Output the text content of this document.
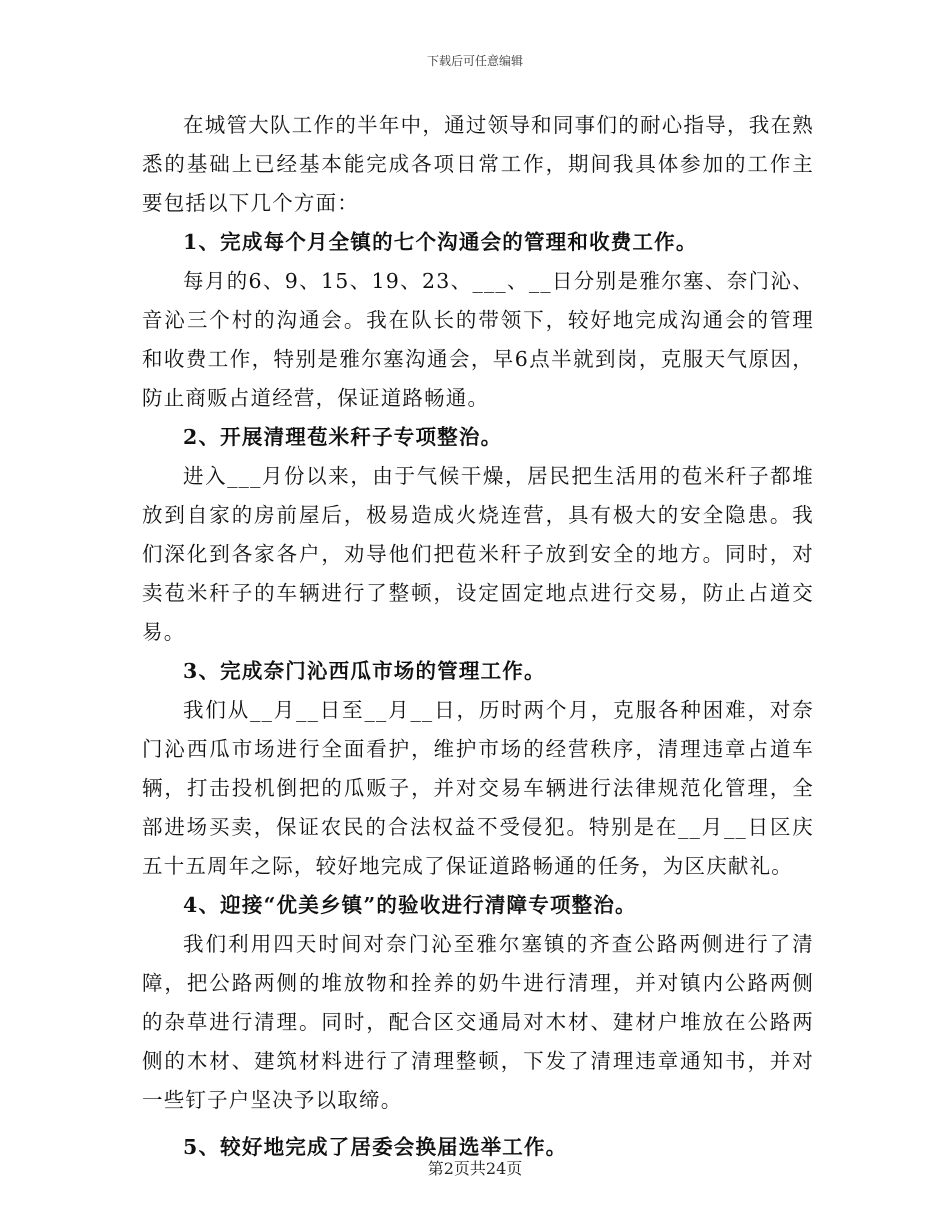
下载后可任意编辑

在城管大队工作的半年中，通过领导和同事们的耐心指导，我在熟悉的基础上已经基本能完成各项日常工作，期间我具体参加的工作主要包括以下几个方面：

1、完成每个月全镇的七个沟通会的管理和收费工作。

每月的6、9、15、19、23、___、__日分别是雅尔塞、奈门沁、音沁三个村的沟通会。我在队长的带领下，较好地完成沟通会的管理和收费工作，特别是雅尔塞沟通会，早6点半就到岗，克服天气原因，防止商贩占道经营，保证道路畅通。

2、开展清理苞米秆子专项整治。

进入___月份以来，由于气候干燥，居民把生活用的苞米秆子都堆放到自家的房前屋后，极易造成火烧连营，具有极大的安全隐患。我们深化到各家各户，劝导他们把苞米秆子放到安全的地方。同时，对卖苞米秆子的车辆进行了整顿，设定固定地点进行交易，防止占道交易。

3、完成奈门沁西瓜市场的管理工作。

我们从__月__日至__月__日，历时两个月，克服各种困难，对奈门沁西瓜市场进行全面看护，维护市场的经营秩序，清理违章占道车辆，打击投机倒把的瓜贩子，并对交易车辆进行法律规范化管理，全部进场买卖，保证农民的合法权益不受侵犯。特别是在__月__日区庆五十五周年之际，较好地完成了保证道路畅通的任务，为区庆献礼。

4、迎接“优美乡镇”的验收进行清障专项整治。

我们利用四天时间对奈门沁至雅尔塞镇的齐查公路两侧进行了清障，把公路两侧的堆放物和拴养的奶牛进行清理，并对镇内公路两侧的杂草进行清理。同时，配合区交通局对木材、建材户堆放在公路两侧的木材、建筑材料进行了清理整顿，下发了清理违章通知书，并对一些钉子户坚决予以取缔。

5、较好地完成了居委会换届选举工作。

第2页共24页
